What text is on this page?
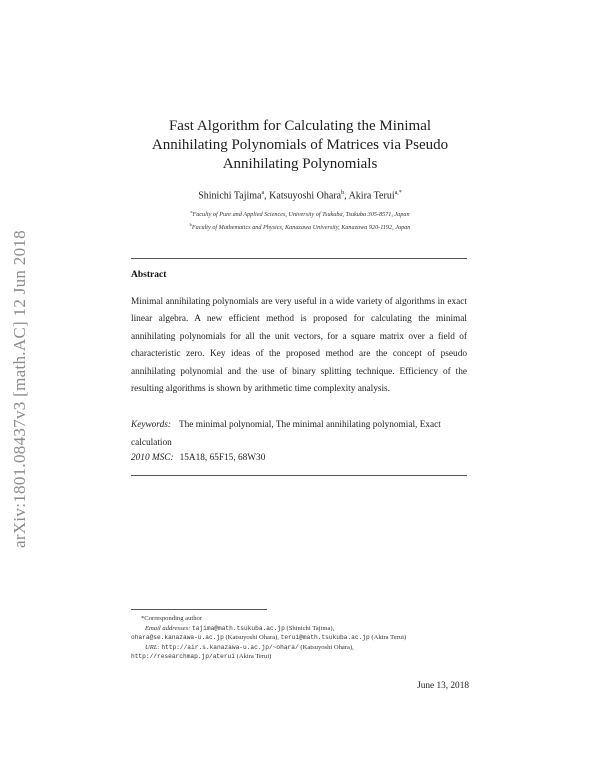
arXiv:1801.08437v3 [math.AC] 12 Jun 2018
Fast Algorithm for Calculating the Minimal
Annihilating Polynomials of Matrices via Pseudo
Annihilating Polynomials
Shinichi Tajima$^a$, Katsuyoshi Ohara$^b$, Akira Terui$^{a,*}$
$^a$Faculty of Pure and Applied Sciences, University of Tsukuba, Tsukuba 305-8571, Japan
$^b$Faculty of Mathematics and Physics, Kanazawa University, Kanazawa 920-1192, Japan
Abstract
Minimal annihilating polynomials are very useful in a wide variety of algorithms in exact linear algebra. A new efficient method is proposed for calculating the minimal annihilating polynomials for all the unit vectors, for a square matrix over a field of characteristic zero. Key ideas of the proposed method are the concept of pseudo annihilating polynomial and the use of binary splitting technique. Efficiency of the resulting algorithms is shown by arithmetic time complexity analysis.
Keywords: The minimal polynomial, The minimal annihilating polynomial, Exact calculation
2010 MSC: 15A18, 65F15, 68W30
*Corresponding author
Email addresses: tajima@math.tsukuba.ac.jp (Shinichi Tajima),
ohara@se.kanazawa-u.ac.jp (Katsuyoshi Ohara), terui@math.tsukuba.ac.jp (Akira Terui)
URL: http://air.s.kanazawa-u.ac.jp/~ohara/ (Katsuyoshi Ohara),
http://researchmap.jp/aterui (Akira Terui)
June 13, 2018
